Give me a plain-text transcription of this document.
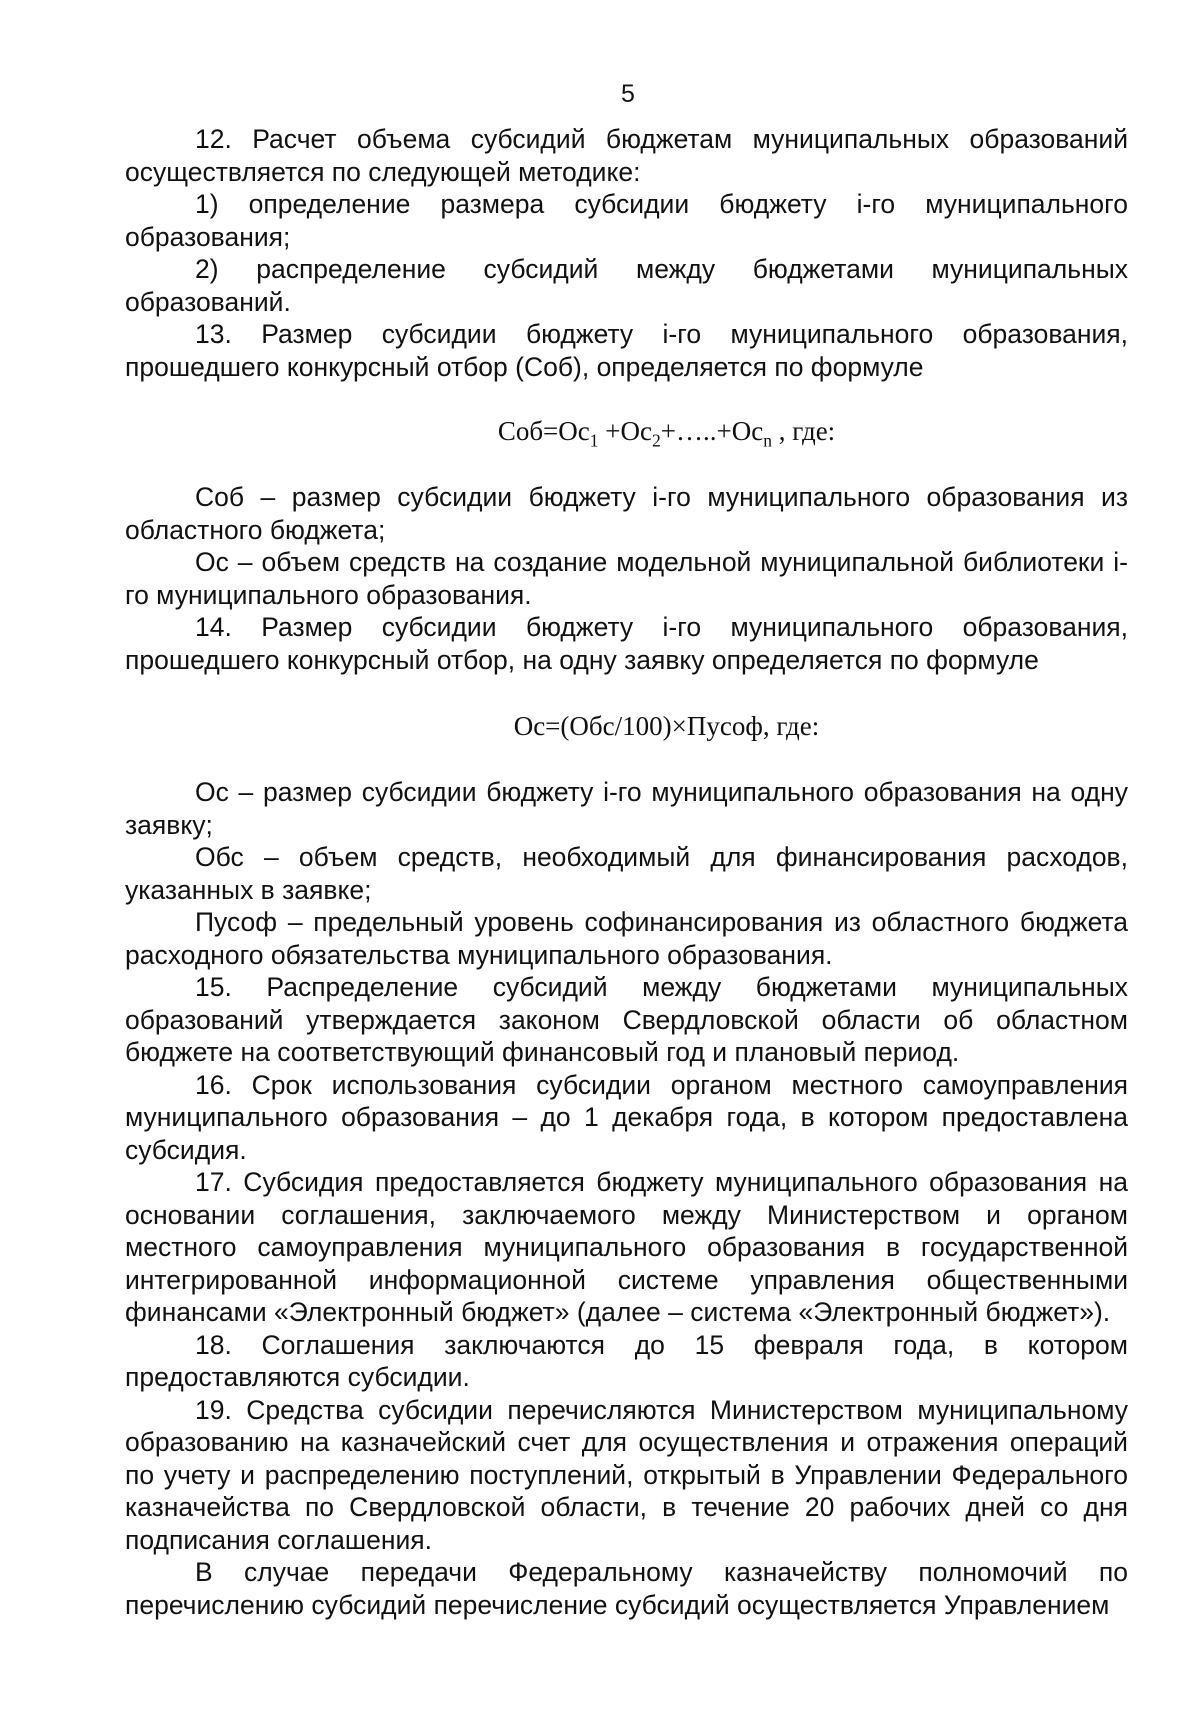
5

12. Расчет объема субсидий бюджетам муниципальных образований осуществляется по следующей методике:

1) определение размера субсидии бюджету i-го муниципального образования;

2) распределение субсидий между бюджетами муниципальных образований.

13. Размер субсидии бюджету i-го муниципального образования, прошедшего конкурсный отбор (Соб), определяется по формуле

$Соб=Ос_1$ $+Ос_2+\dots..+Ос_n$ , где:

Соб – размер субсидии бюджету i-го муниципального образования из областного бюджета;

Ос – объем средств на создание модельной муниципальной библиотеки i-го муниципального образования.

14. Размер субсидии бюджету i-го муниципального образования, прошедшего конкурсный отбор, на одну заявку определяется по формуле

Ос=(Обс/100)×Пусоф, где:

Ос – размер субсидии бюджету i-го муниципального образования на одну заявку;

Обс – объем средств, необходимый для финансирования расходов, указанных в заявке;

Пусоф – предельный уровень софинансирования из областного бюджета расходного обязательства муниципального образования.

15. Распределение субсидий между бюджетами муниципальных образований утверждается законом Свердловской области об областном бюджете на соответствующий финансовый год и плановый период.

16. Срок использования субсидии органом местного самоуправления муниципального образования – до 1 декабря года, в котором предоставлена субсидия.

17. Субсидия предоставляется бюджету муниципального образования на основании соглашения, заключаемого между Министерством и органом местного самоуправления муниципального образования в государственной интегрированной информационной системе управления общественными финансами «Электронный бюджет» (далее – система «Электронный бюджет»).

18. Соглашения заключаются до 15 февраля года, в котором предоставляются субсидии.

19. Средства субсидии перечисляются Министерством муниципальному образованию на казначейский счет для осуществления и отражения операций по учету и распределению поступлений, открытый в Управлении Федерального казначейства по Свердловской области, в течение 20 рабочих дней со дня подписания соглашения.

В случае передачи Федеральному казначейству полномочий по перечислению субсидий перечисление субсидий осуществляется Управлением
